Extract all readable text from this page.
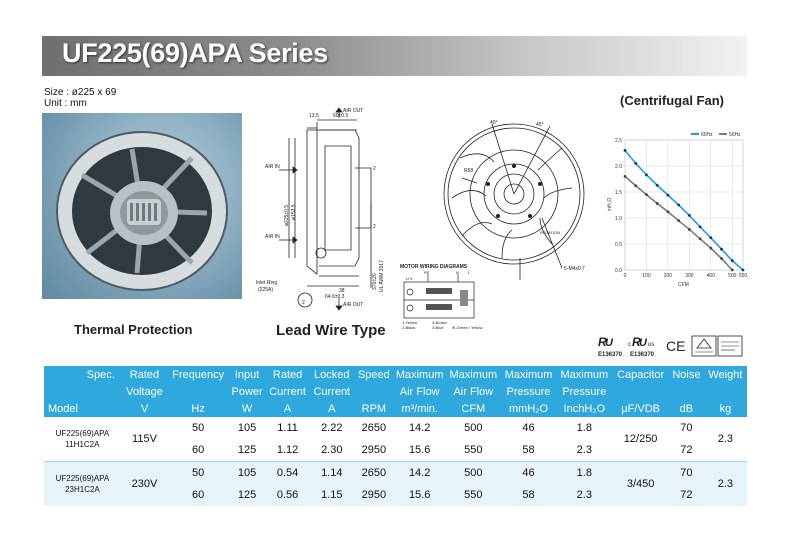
UF225(69)APA Series
Size : ø225 x 69
Unit : mm
Thermal Protection	Lead Wire Type
AIR OUT
AIR IN
AIR IN
AIR OUT
13.5	69±0.5
38
64.6±0.3
Inlet Ring
(225A)
2
2
2
ø225±0.5 ø153.5
370±20 UL AWM 2517
40°	45°
R58
5-M4x0.7
ROTATION
MOTOR WIRING DIAGRAMS
PE	N L
U V
1-Yellow
2-Black
3-Brown
4-Blue ⊕-Green / Yellow
(Centrifugal Fan)
0.0
0.5
1.0
1.5
2.0
2.5
0	100	200	300	400	500 550
CFM
inH₂O
60Hz	50Hz
R
U
E136370
c R
U us
E136370
CE
Spec.	Rated	Frequency	Input	Rated	Locked	Speed	Maximum	Maximum	Maximum	Maximum	Capacitor	Noise	Weight
	Voltage		Power	Current	Current		Air Flow	Air Flow	Pressure	Pressure			
Model	V	Hz	W	A	A	RPM	m³/min.	CFM	mmH₂O	InchH₂O	μF/VDB	dB	kg

UF225(69)APA
11H1C2A	115V	50	105	1.11	2.22	2650	14.2	500	46	1.8	12/250	70	2.3
		60	125	1.12	2.30	2950	15.6	550	58	2.3		72	

UF225(69)APA
23H1C2A	230V	50	105	0.54	1.14	2650	14.2	500	46	1.8	3/450	70	2.3
		60	125	0.56	1.15	2950	15.6	550	58	2.3		72	
